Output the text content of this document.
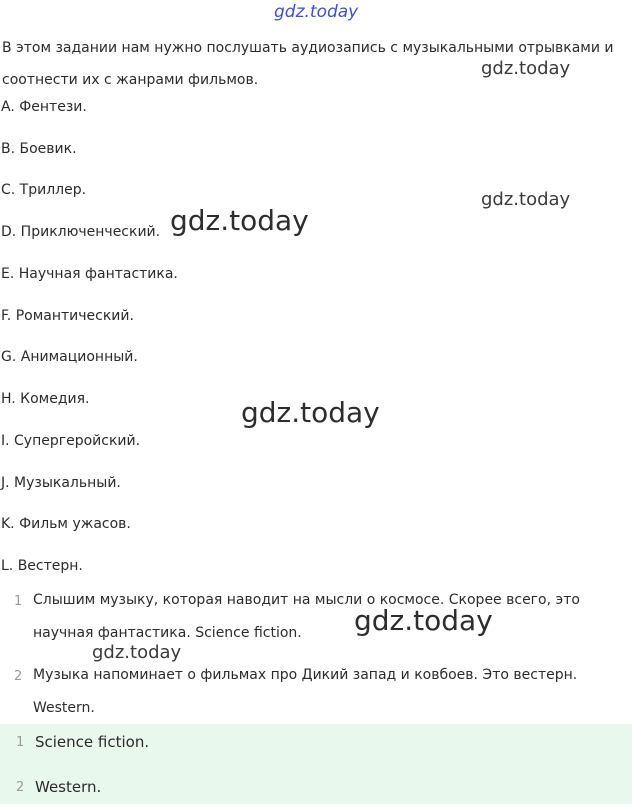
gdz.today
gdz.today
gdz.today
gdz.today
gdz.today
gdz.today
gdz.today
В этом задании нам нужно послушать аудиозапись с музыкальными отрывками и соотнести их с жанрами фильмов.
A. Фентези.
B. Боевик.
C. Триллер.
D. Приключенческий.
E. Научная фантастика.
F. Романтический.
G. Анимационный.
H. Комедия.
I. Супергеройский.
J. Музыкальный.
K. Фильм ужасов.
L. Вестерн.
1 Слышим музыку, которая наводит на мысли о космосе. Скорее всего, это научная фантастика. Science fiction.
2 Музыка напоминает о фильмах про Дикий запад и ковбоев. Это вестерн. Western.
1 Science fiction.
2 Western.
